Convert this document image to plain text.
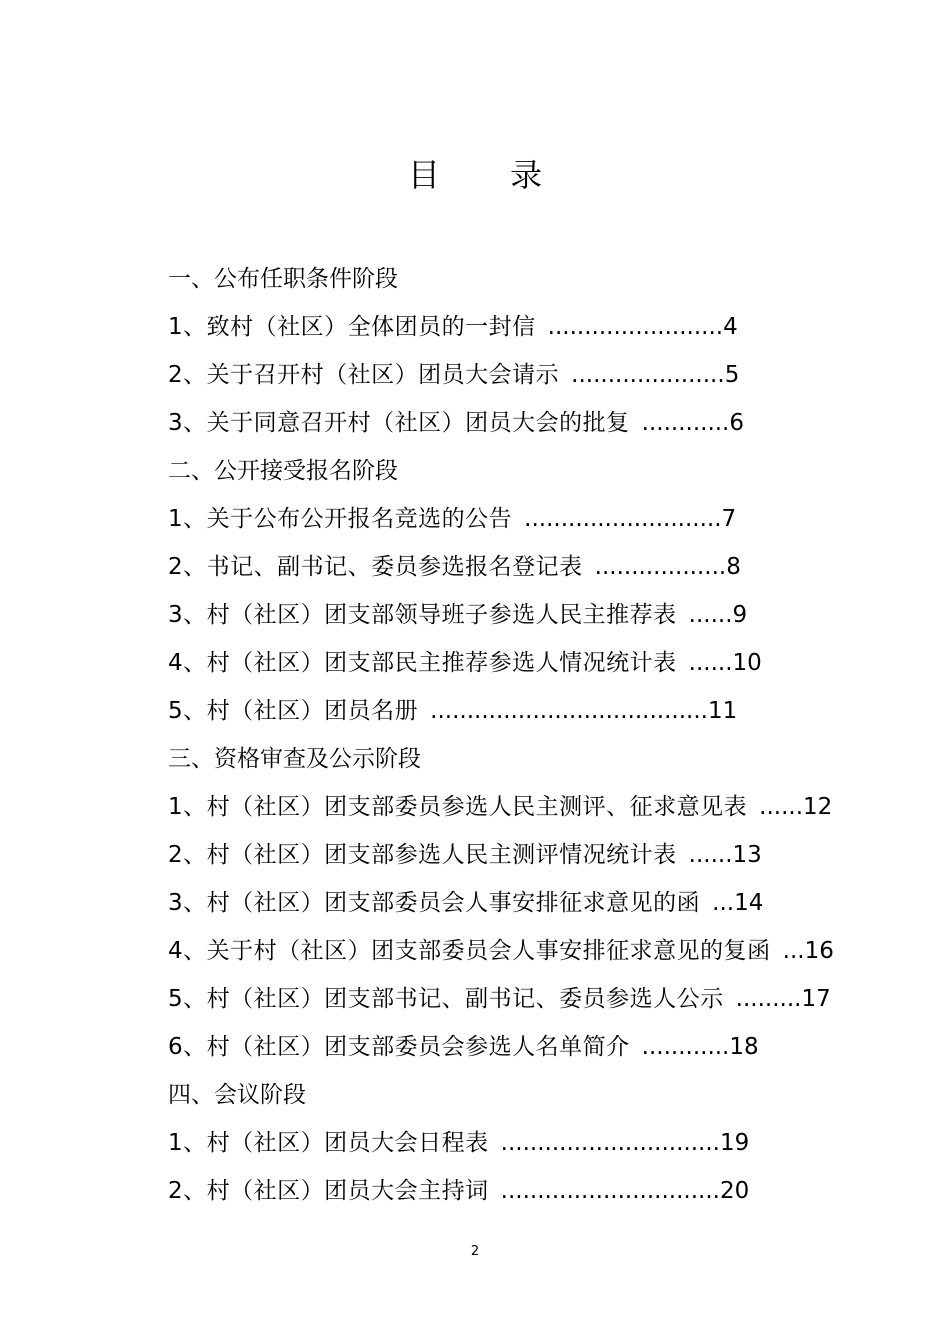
目 录
一、公布任职条件阶段
1、致村（社区）全体团员的一封信 ........................4
2、关于召开村（社区）团员大会请示 .....................5
3、关于同意召开村（社区）团员大会的批复 ............6
二、公开接受报名阶段
1、关于公布公开报名竞选的公告 ...........................7
2、书记、副书记、委员参选报名登记表 ..................8
3、村（社区）团支部领导班子参选人民主推荐表 ......9
4、村（社区）团支部民主推荐参选人情况统计表 ......10
5、村（社区）团员名册 ......................................11
三、资格审查及公示阶段
1、村（社区）团支部委员参选人民主测评、征求意见表 ......12
2、村（社区）团支部参选人民主测评情况统计表 ......13
3、村（社区）团支部委员会人事安排征求意见的函 ...14
4、关于村（社区）团支部委员会人事安排征求意见的复函 ...16
5、村（社区）团支部书记、副书记、委员参选人公示 .........17
6、村（社区）团支部委员会参选人名单简介 ............18
四、会议阶段
1、村（社区）团员大会日程表 ..............................19
2、村（社区）团员大会主持词 ..............................20
2
